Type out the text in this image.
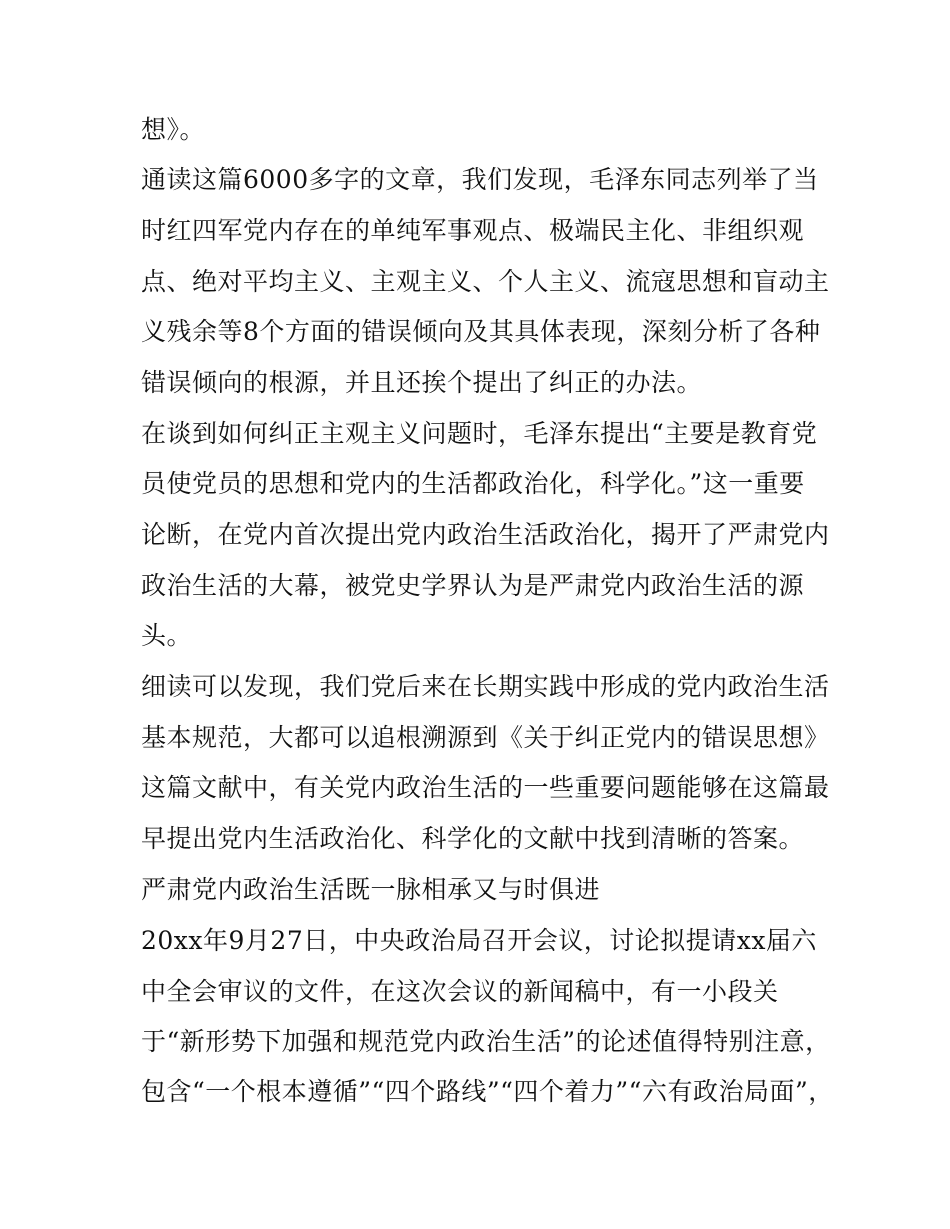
想》。
通读这篇6000多字的文章，我们发现，毛泽东同志列举了当
时红四军党内存在的单纯军事观点、极端民主化、非组织观
点、绝对平均主义、主观主义、个人主义、流寇思想和盲动主
义残余等8个方面的错误倾向及其具体表现，深刻分析了各种
错误倾向的根源，并且还挨个提出了纠正的办法。
在谈到如何纠正主观主义问题时，毛泽东提出“主要是教育党
员使党员的思想和党内的生活都政治化，科学化。”这一重要
论断，在党内首次提出党内政治生活政治化，揭开了严肃党内
政治生活的大幕，被党史学界认为是严肃党内政治生活的源
头。
细读可以发现，我们党后来在长期实践中形成的党内政治生活
基本规范，大都可以追根溯源到《关于纠正党内的错误思想》
这篇文献中，有关党内政治生活的一些重要问题能够在这篇最
早提出党内生活政治化、科学化的文献中找到清晰的答案。
严肃党内政治生活既一脉相承又与时俱进
20xx年9月27日，中央政治局召开会议，讨论拟提请xx届六
中全会审议的文件，在这次会议的新闻稿中，有一小段关
于“新形势下加强和规范党内政治生活”的论述值得特别注意，
包含“一个根本遵循”“四个路线”“四个着力”“六有政治局面”，
